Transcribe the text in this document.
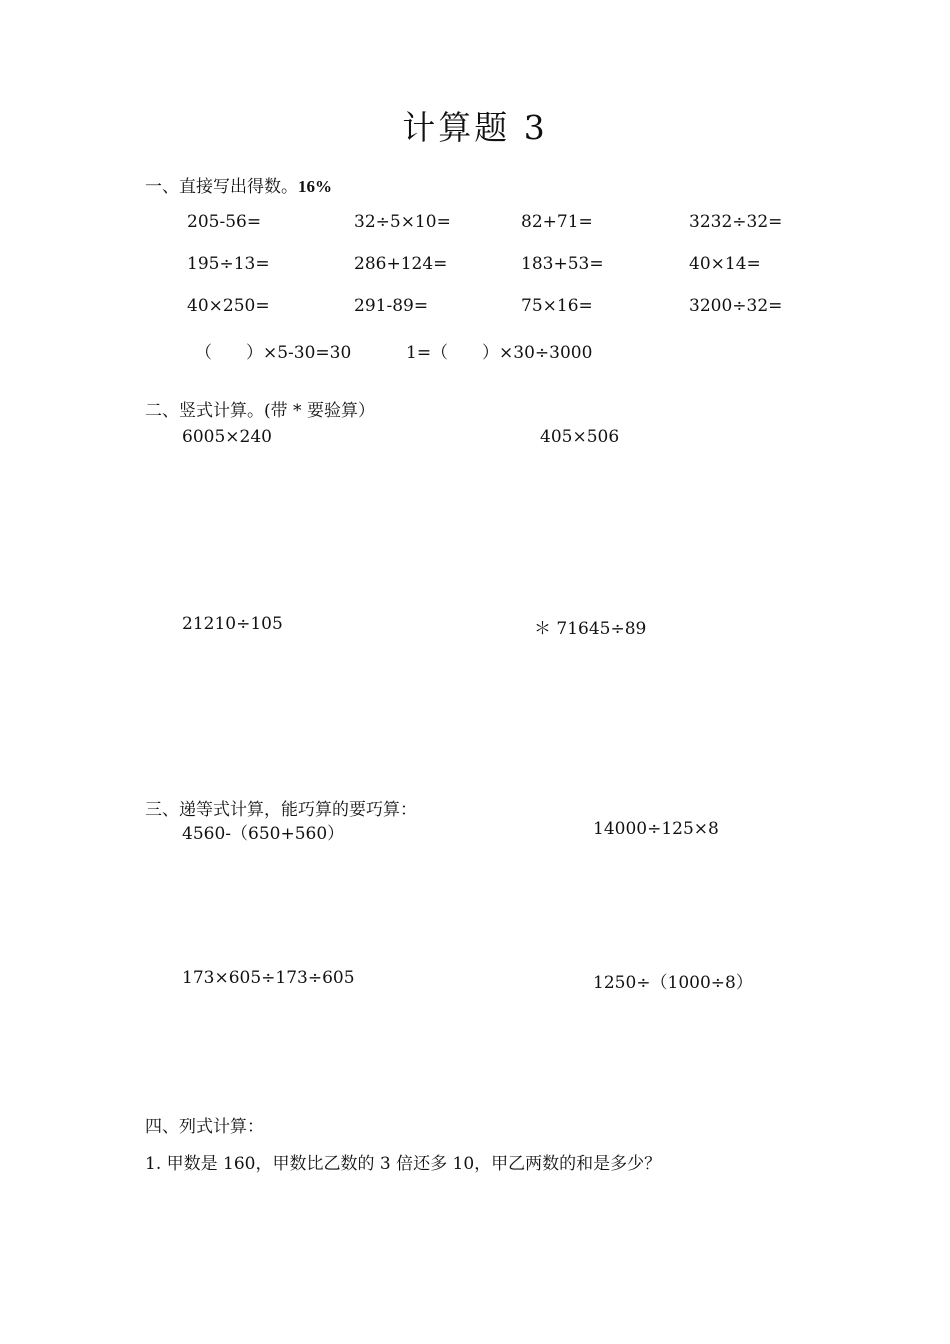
计算题 3
一、直接写出得数。16%
205-56=	32÷5×10=	82+71=	3232÷32=
195÷13=	286+124=	183+53=	40×14=
40×250=	291-89=	75×16=	3200÷32=
（　　）×5-30=30	1=（　　）×30÷3000
二、竖式计算。(带 * 要验算）
6005×240	405×506
21210÷105	＊ 71645÷89
三、递等式计算，能巧算的要巧算：
4560-（650+560）	14000÷125×8
173×605÷173÷605	1250÷（1000÷8）
四、列式计算：
1. 甲数是 160，甲数比乙数的 3 倍还多 10，甲乙两数的和是多少？
